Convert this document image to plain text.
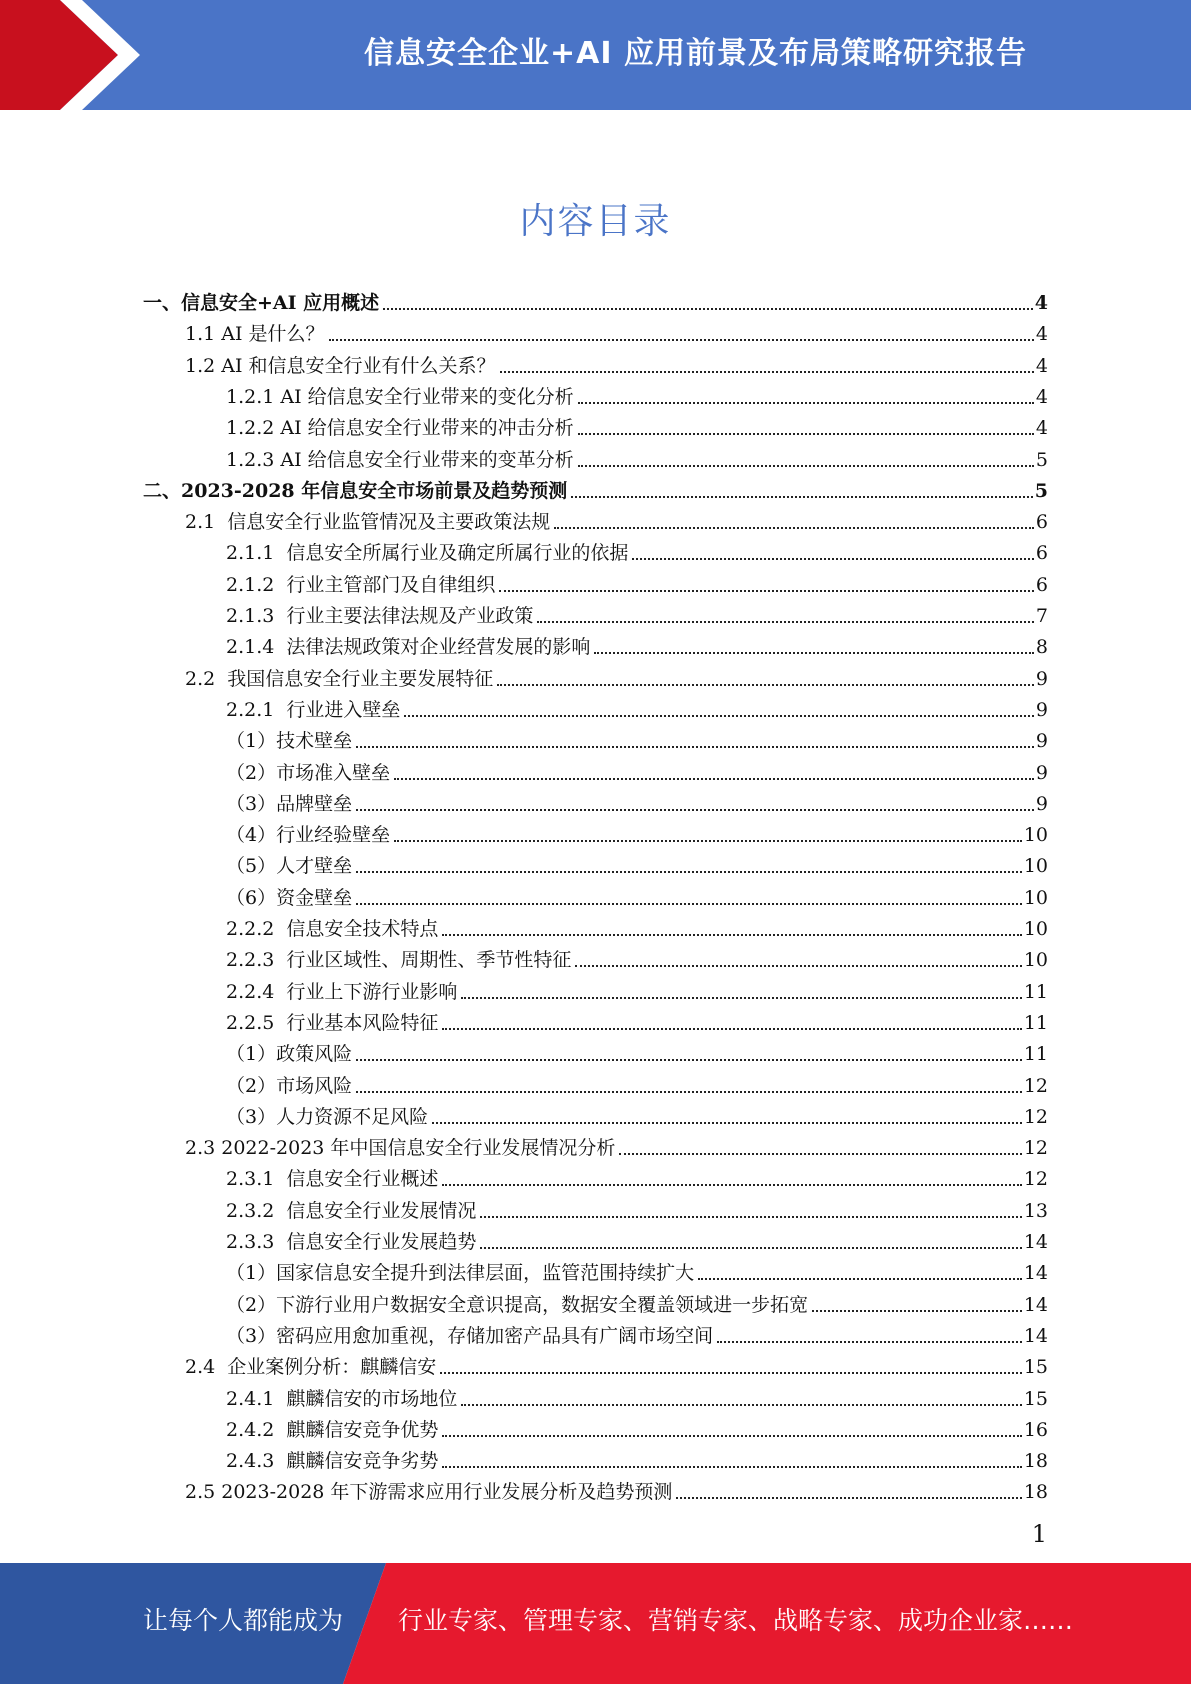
信息安全企业+AI 应用前景及布局策略研究报告
内容目录
一、信息安全+AI 应用概述	4
1.1 AI 是什么？	4
1.2 AI 和信息安全行业有什么关系？	4
1.2.1 AI 给信息安全行业带来的变化分析	4
1.2.2 AI 给信息安全行业带来的冲击分析	4
1.2.3 AI 给信息安全行业带来的变革分析	5
二、2023-2028 年信息安全市场前景及趋势预测	5
2.1  信息安全行业监管情况及主要政策法规	6
2.1.1  信息安全所属行业及确定所属行业的依据	6
2.1.2  行业主管部门及自律组织	6
2.1.3  行业主要法律法规及产业政策	7
2.1.4  法律法规政策对企业经营发展的影响	8
2.2  我国信息安全行业主要发展特征	9
2.2.1  行业进入壁垒	9
（1）技术壁垒	9
（2）市场准入壁垒	9
（3）品牌壁垒	9
（4）行业经验壁垒	10
（5）人才壁垒	10
（6）资金壁垒	10
2.2.2  信息安全技术特点	10
2.2.3  行业区域性、周期性、季节性特征	10
2.2.4  行业上下游行业影响	11
2.2.5  行业基本风险特征	11
（1）政策风险	11
（2）市场风险	12
（3）人力资源不足风险	12
2.3 2022-2023 年中国信息安全行业发展情况分析	12
2.3.1  信息安全行业概述	12
2.3.2  信息安全行业发展情况	13
2.3.3  信息安全行业发展趋势	14
（1）国家信息安全提升到法律层面，监管范围持续扩大	14
（2）下游行业用户数据安全意识提高，数据安全覆盖领域进一步拓宽	14
（3）密码应用愈加重视，存储加密产品具有广阔市场空间	14
2.4  企业案例分析：麒麟信安	15
2.4.1  麒麟信安的市场地位	15
2.4.2  麒麟信安竞争优势	16
2.4.3  麒麟信安竞争劣势	18
2.5 2023-2028 年下游需求应用行业发展分析及趋势预测	18
1
让每个人都能成为 行业专家、管理专家、营销专家、战略专家、成功企业家……
